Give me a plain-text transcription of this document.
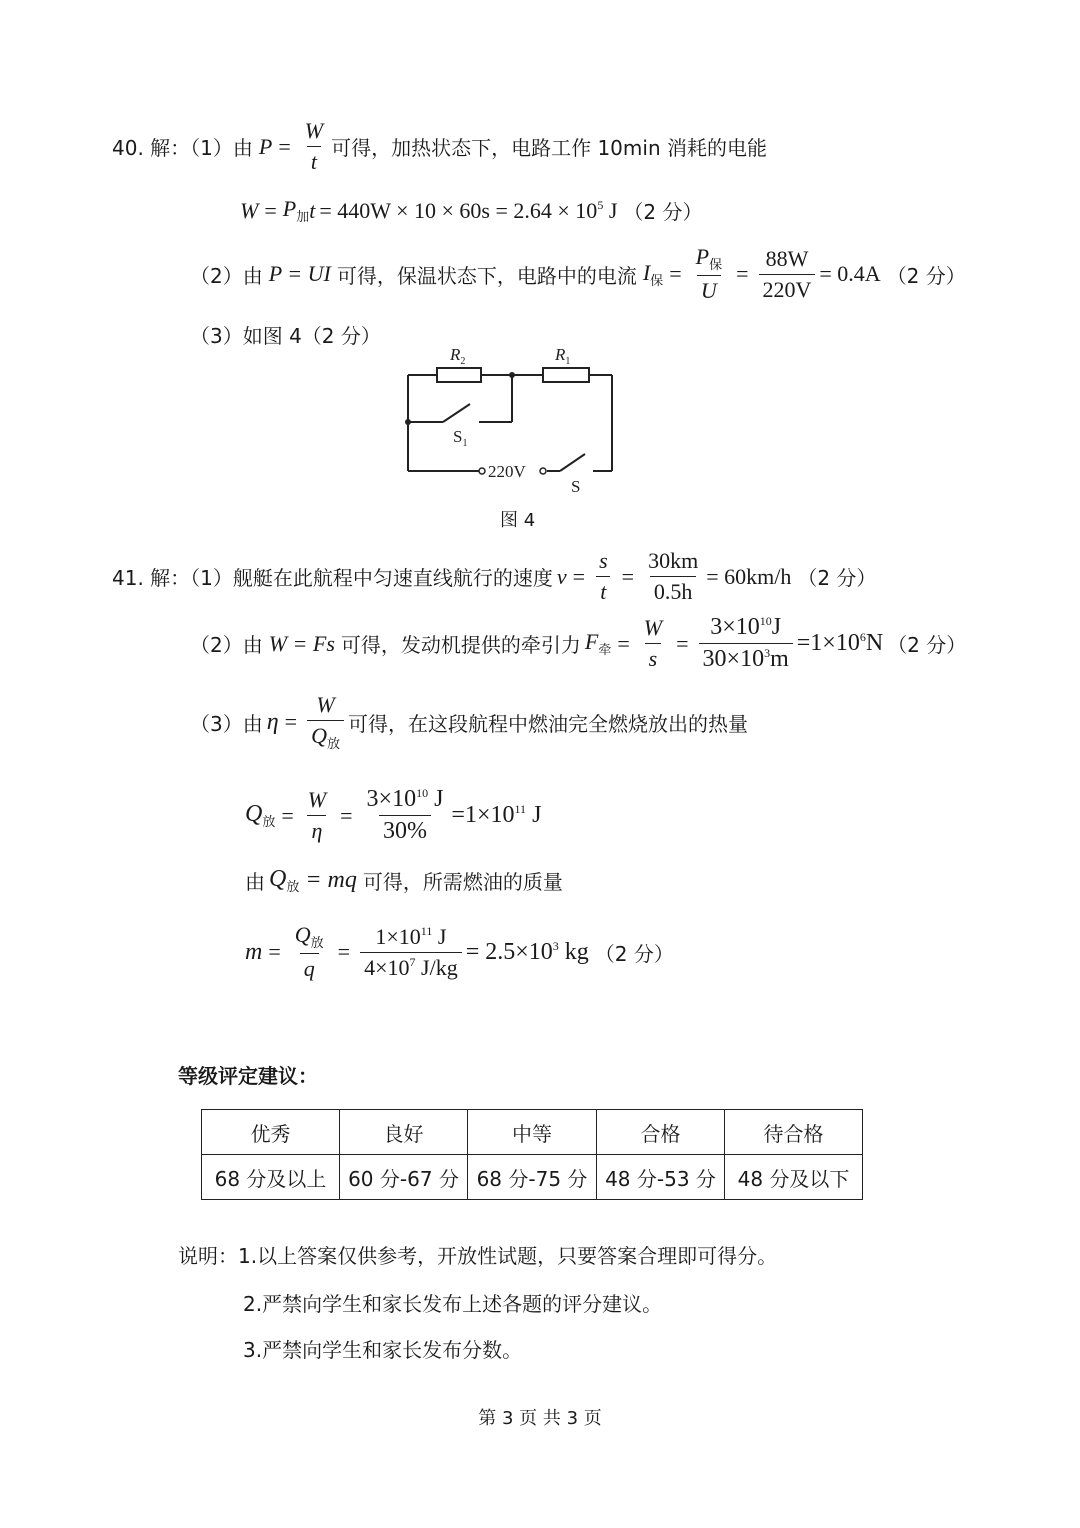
40. 解：（1）由 $P = \frac{W}{t}$ 可得，加热状态下，电路工作 10min 消耗的电能
$W = P_加$ $t = 440W \times 10 \times 60s = 2.64 \times 10^5$ J （2 分）
（2）由 P = UI 可得，保温状态下，电路中的电流 $I_保 = \frac{P_保}{U} = \frac{88W}{220V} = 0.4A$ （2 分）
（3）如图 4（2 分）
$R_2$	$R_1$
$S_1$
220V
S
图 4
41. 解：（1）舰艇在此航程中匀速直线航行的速度 $v = \frac{s}{t} = \frac{30km}{0.5h} = 60km/h$ （2 分）
（2）由 W = Fs 可得，发动机提供的牵引力 $F_牵 = \frac{W}{s} = \frac{3\times 10^{10}J}{30\times 10^3m} =1\times 10^6N$ （2 分）
（3）由 $\eta = \frac{W}{Q_放}$ 可得，在这段航程中燃油完全燃烧放出的热量
$Q_放 = \frac{W}{\eta} = \frac{3\times 10^{10} J}{30\%} =1\times 10^{11}$ J
由 $Q_放$ = mq 可得，所需燃油的质量
$m = \frac{Q_放}{q} = \frac{1\times 10^{11} J}{4\times 10^7 J/kg} = 2.5\times 10^3$ kg （2 分）
等级评定建议：
优秀	良好	中等	合格	待合格
68 分及以上	60 分-67 分	68 分-75 分	48 分-53 分	48 分及以下
说明：1.以上答案仅供参考，开放性试题，只要答案合理即可得分。
2.严禁向学生和家长发布上述各题的评分建议。
3.严禁向学生和家长发布分数。
第 3 页 共 3 页
